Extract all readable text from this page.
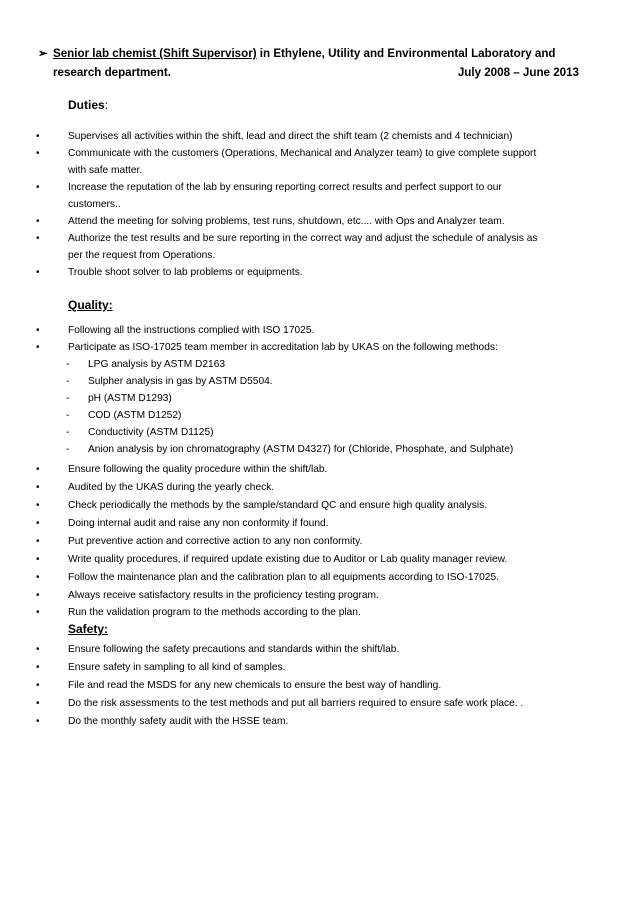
➢ Senior lab chemist (Shift Supervisor) in Ethylene, Utility and Environmental Laboratory and
research department.	July 2008 – June 2013
Duties:
•	Supervises all activities within the shift, lead and direct the shift team (2 chemists and 4 technician)
•	Communicate with the customers (Operations, Mechanical and Analyzer team) to give complete support
with safe matter.
•	Increase the reputation of the lab by ensuring reporting correct results and perfect support to our
customers..
•	Attend the meeting for solving problems, test runs, shutdown, etc.... with Ops and Analyzer team.
•	Authorize the test results and be sure reporting in the correct way and adjust the schedule of analysis as
per the request from Operations.
•	Trouble shoot solver to lab problems or equipments.
Quality:
•	Following all the instructions complied with ISO 17025.
•	Participate as ISO-17025 team member in accreditation lab by UKAS on the following methods:
-	LPG analysis by ASTM D2163
-	Sulpher analysis in gas by ASTM D5504.
-	pH (ASTM D1293)
-	COD (ASTM D1252)
-	Conductivity (ASTM D1125)
-	Anion analysis by ion chromatography (ASTM D4327) for (Chloride, Phosphate, and Sulphate)
•	Ensure following the quality procedure within the shift/lab.
•	Audited by the UKAS during the yearly check.
•	Check periodically the methods by the sample/standard QC and ensure high quality analysis.
•	Doing internal audit and raise any non conformity if found.
•	Put preventive action and corrective action to any non conformity.
•	Write quality procedures, if required update existing due to Auditor or Lab quality manager review.
•	Follow the maintenance plan and the calibration plan to all equipments according to ISO-17025.
•	Always receive satisfactory results in the proficiency testing program.
•	Run the validation program to the methods according to the plan.
Safety:
•	Ensure following the safety precautions and standards within the shift/lab.
•	Ensure safety in sampling to all kind of samples.
•	File and read the MSDS for any new chemicals to ensure the best way of handling.
•	Do the risk assessments to the test methods and put all barriers required to ensure safe work place. .
•	Do the monthly safety audit with the HSSE team.
